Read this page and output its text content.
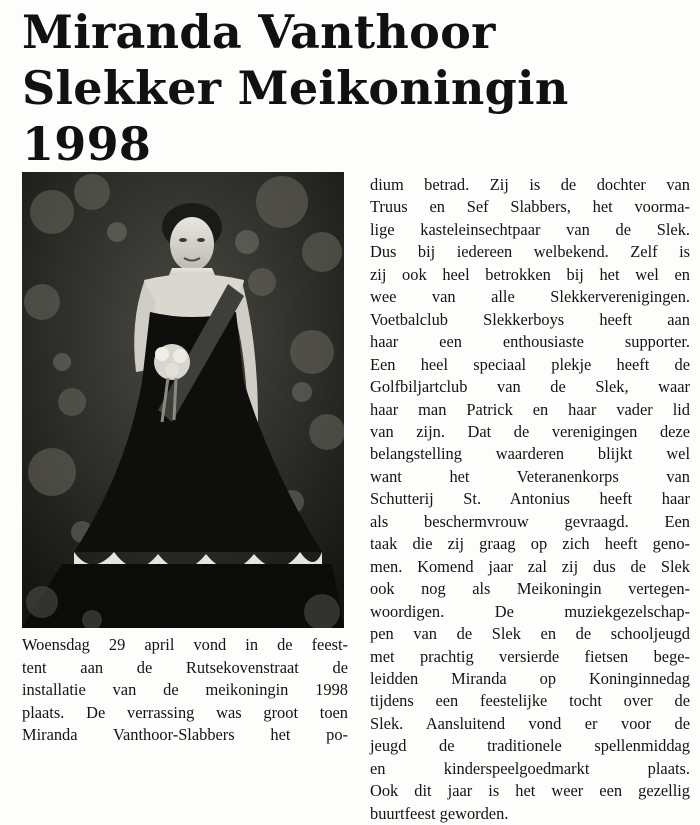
Miranda Vanthoor
Slekker Meikoningin
1998
Woensdag 29 april vond in de feest-
tent aan de Rutsekovenstraat de
installatie van de meikoningin 1998
plaats. De verrassing was groot toen
Miranda Vanthoor-Slabbers het po-
dium betrad. Zij is de dochter van
Truus en Sef Slabbers, het voorma-
lige kasteleinsechtpaar van de Slek.
Dus bij iedereen welbekend. Zelf is
zij ook heel betrokken bij het wel en
wee van alle Slekkerverenigingen.
Voetbalclub Slekkerboys heeft aan
haar een enthousiaste supporter.
Een heel speciaal plekje heeft de
Golfbiljartclub van de Slek, waar
haar man Patrick en haar vader lid
van zijn. Dat de verenigingen deze
belangstelling waarderen blijkt wel
want het Veteranenkorps van
Schutterij St. Antonius heeft haar
als beschermvrouw gevraagd. Een
taak die zij graag op zich heeft geno-
men. Komend jaar zal zij dus de Slek
ook nog als Meikoningin vertegen-
woordigen. De muziekgezelschap-
pen van de Slek en de schooljeugd
met prachtig versierde fietsen bege-
leidden Miranda op Koninginnedag
tijdens een feestelijke tocht over de
Slek. Aansluitend vond er voor de
jeugd de traditionele spellenmiddag
en kinderspeelgoedmarkt plaats.
Ook dit jaar is het weer een gezellig
buurtfeest geworden.
